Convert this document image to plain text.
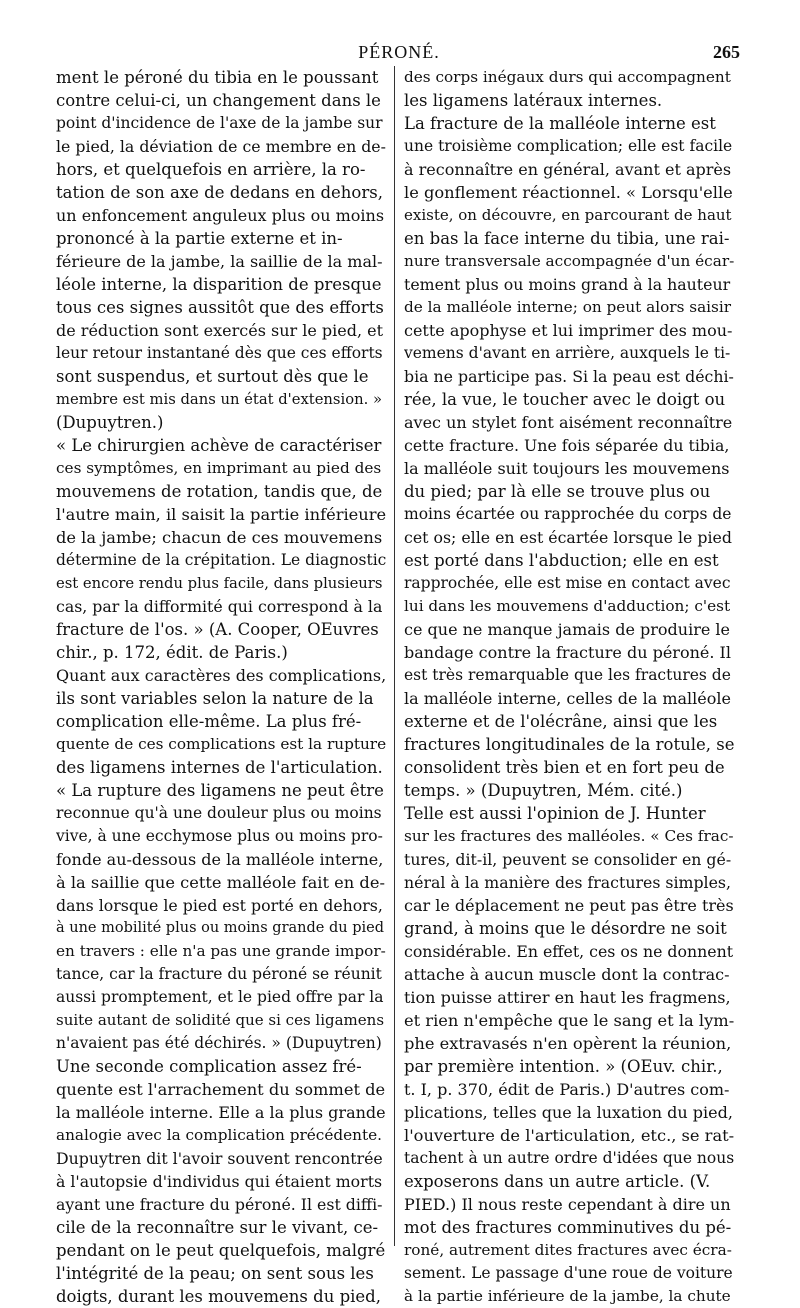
PÉRONÉ.	265
ment le péroné du tibia en le poussant
contre celui-ci, un changement dans le
point d'incidence de l'axe de la jambe sur
le pied, la déviation de ce membre en de-
hors, et quelquefois en arrière, la ro-
tation de son axe de dedans en dehors,
un enfoncement anguleux plus ou moins
prononcé à la partie externe et in-
férieure de la jambe, la saillie de la mal-
léole interne, la disparition de presque
tous ces signes aussitôt que des efforts
de réduction sont exercés sur le pied, et
leur retour instantané dès que ces efforts
sont suspendus, et surtout dès que le
membre est mis dans un état d'extension. »
(Dupuytren.)
« Le chirurgien achève de caractériser
ces symptômes, en imprimant au pied des
mouvemens de rotation, tandis que, de
l'autre main, il saisit la partie inférieure
de la jambe; chacun de ces mouvemens
détermine de la crépitation. Le diagnostic
est encore rendu plus facile, dans plusieurs
cas, par la difformité qui correspond à la
fracture de l'os. » (A. Cooper, OEuvres
chir., p. 172, édit. de Paris.)
Quant aux caractères des complications,
ils sont variables selon la nature de la
complication elle-même. La plus fré-
quente de ces complications est la rupture
des ligamens internes de l'articulation.
« La rupture des ligamens ne peut être
reconnue qu'à une douleur plus ou moins
vive, à une ecchymose plus ou moins pro-
fonde au-dessous de la malléole interne,
à la saillie que cette malléole fait en de-
dans lorsque le pied est porté en dehors,
à une mobilité plus ou moins grande du pied
en travers : elle n'a pas une grande impor-
tance, car la fracture du péroné se réunit
aussi promptement, et le pied offre par la
suite autant de solidité que si ces ligamens
n'avaient pas été déchirés. » (Dupuytren)
Une seconde complication assez fré-
quente est l'arrachement du sommet de
la malléole interne. Elle a la plus grande
analogie avec la complication précédente.
Dupuytren dit l'avoir souvent rencontrée
à l'autopsie d'individus qui étaient morts
ayant une fracture du péroné. Il est diffi-
cile de la reconnaître sur le vivant, ce-
pendant on le peut quelquefois, malgré
l'intégrité de la peau; on sent sous les
doigts, durant les mouvemens du pied,
des corps inégaux durs qui accompagnent
les ligamens latéraux internes.
La fracture de la malléole interne est
une troisième complication; elle est facile
à reconnaître en général, avant et après
le gonflement réactionnel. « Lorsqu'elle
existe, on découvre, en parcourant de haut
en bas la face interne du tibia, une rai-
nure transversale accompagnée d'un écar-
tement plus ou moins grand à la hauteur
de la malléole interne; on peut alors saisir
cette apophyse et lui imprimer des mou-
vemens d'avant en arrière, auxquels le ti-
bia ne participe pas. Si la peau est déchi-
rée, la vue, le toucher avec le doigt ou
avec un stylet font aisément reconnaître
cette fracture. Une fois séparée du tibia,
la malléole suit toujours les mouvemens
du pied; par là elle se trouve plus ou
moins écartée ou rapprochée du corps de
cet os; elle en est écartée lorsque le pied
est porté dans l'abduction; elle en est
rapprochée, elle est mise en contact avec
lui dans les mouvemens d'adduction; c'est
ce que ne manque jamais de produire le
bandage contre la fracture du péroné. Il
est très remarquable que les fractures de
la malléole interne, celles de la malléole
externe et de l'olécrâne, ainsi que les
fractures longitudinales de la rotule, se
consolident très bien et en fort peu de
temps. » (Dupuytren, Mém. cité.)
Telle est aussi l'opinion de J. Hunter
sur les fractures des malléoles. « Ces frac-
tures, dit-il, peuvent se consolider en gé-
néral à la manière des fractures simples,
car le déplacement ne peut pas être très
grand, à moins que le désordre ne soit
considérable. En effet, ces os ne donnent
attache à aucun muscle dont la contrac-
tion puisse attirer en haut les fragmens,
et rien n'empêche que le sang et la lym-
phe extravasés n'en opèrent la réunion,
par première intention. » (OEuv. chir.,
t. I, p. 370, édit de Paris.) D'autres com-
plications, telles que la luxation du pied,
l'ouverture de l'articulation, etc., se rat-
tachent à un autre ordre d'idées que nous
exposerons dans un autre article. (V.
PIED.) Il nous reste cependant à dire un
mot des fractures comminutives du pé-
roné, autrement dites fractures avec écra-
sement. Le passage d'une roue de voiture
à la partie inférieure de la jambe, la chute
